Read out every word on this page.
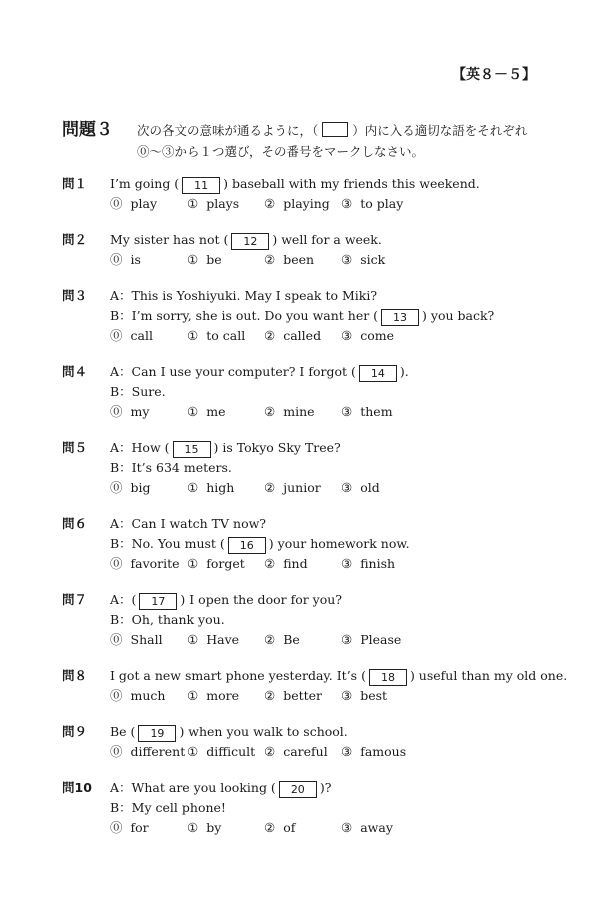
【英８－５】
問題３	次の各文の意味が通るように，（	）内に入る適切な語をそれぞれ
⓪〜③から１つ選び，その番号をマークしなさい。
問１	I’m going ( 11 ) baseball with my friends this weekend.
⓪ play	① plays	② playing ③ to play
問２	My sister has not ( 12 ) well for a week.
⓪ is	① be	② been	③ sick
問３	A：This is Yoshiyuki. May I speak to Miki?
B：I’m sorry, she is out. Do you want her ( 13 ) you back?
⓪ call	① to call	② called	③ come
問４	A：Can I use your computer? I forgot ( 14 ).
B：Sure.
⓪ my	① me	② mine	③ them
問５	A：How ( 15 ) is Tokyo Sky Tree?
B：It’s 634 meters.
⓪ big	① high	② junior	③ old
問６	A：Can I watch TV now?
B：No. You must ( 16 ) your homework now.
⓪ favorite ① forget	② find	③ finish
問７	A：( 17 ) I open the door for you?
B：Oh, thank you.
⓪ Shall	① Have	② Be	③ Please
問８	I got a new smart phone yesterday. It’s ( 18 ) useful than my old one.
⓪ much	① more	② better	③ best
問９	Be ( 19 ) when you walk to school.
⓪ different ① difficult ② careful	③ famous
問10	A：What are you looking ( 20 )?
B：My cell phone!
⓪ for	① by	② of	③ away
